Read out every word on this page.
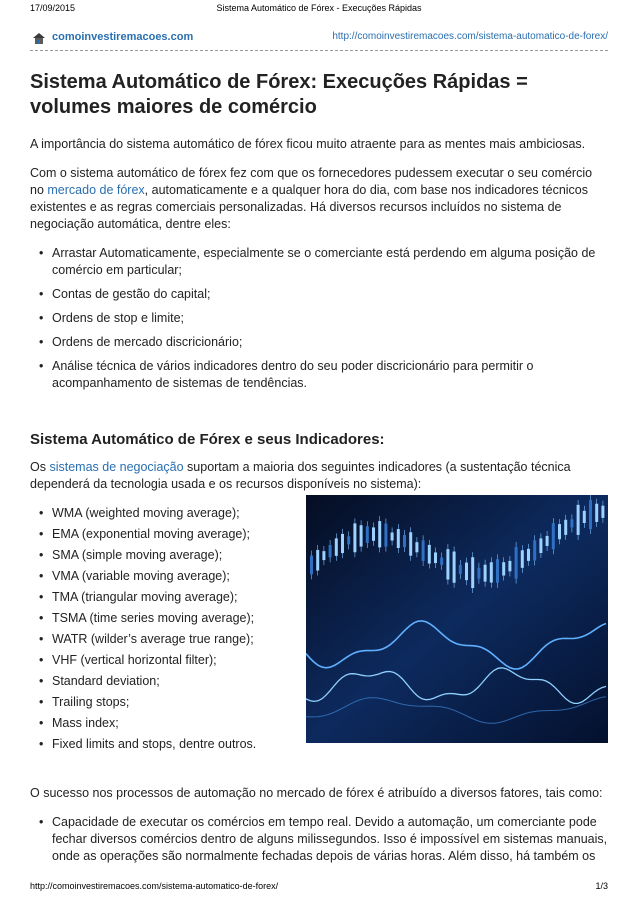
17/09/2015	Sistema Automático de Fórex - Execuções Rápidas
comoinvestiremacoes.com	http://comoinvestiremacoes.com/sistema-automatico-de-forex/
Sistema Automático de Fórex: Execuções Rápidas = volumes maiores de comércio

A importância do sistema automático de fórex ficou muito atraente para as mentes mais ambiciosas.

Com o sistema automático de fórex fez com que os fornecedores pudessem executar o seu comércio no mercado de fórex, automaticamente e a qualquer hora do dia, com base nos indicadores técnicos existentes e as regras comerciais personalizadas. Há diversos recursos incluídos no sistema de negociação automática, dentre eles:

• Arrastar Automaticamente, especialmente se o comerciante está perdendo em alguma posição de comércio em particular;
• Contas de gestão do capital;
• Ordens de stop e limite;
• Ordens de mercado discricionário;
• Análise técnica de vários indicadores dentro do seu poder discricionário para permitir o acompanhamento de sistemas de tendências.
Sistema Automático de Fórex e seus Indicadores:

Os sistemas de negociação suportam a maioria dos seguintes indicadores (a sustentação técnica dependerá da tecnologia usada e os recursos disponíveis no sistema):

• WMA (weighted moving average);
• EMA (exponential moving average);
• SMA (simple moving average);
• VMA (variable moving average);
• TMA (triangular moving average);
• TSMA (time series moving average);
• WATR (wilder’s average true range);
• VHF (vertical horizontal filter);
• Standard deviation;
• Trailing stops;
• Mass index;
• Fixed limits and stops, dentre outros.

O sucesso nos processos de automação no mercado de fórex é atribuído a diversos fatores, tais como:

• Capacidade de executar os comércios em tempo real. Devido a automação, um comerciante pode fechar diversos comércios dentro de alguns milissegundos. Isso é impossível em sistemas manuais, onde as operações são normalmente fechadas depois de várias horas. Além disso, há também os
http://comoinvestiremacoes.com/sistema-automatico-de-forex/	1/3
